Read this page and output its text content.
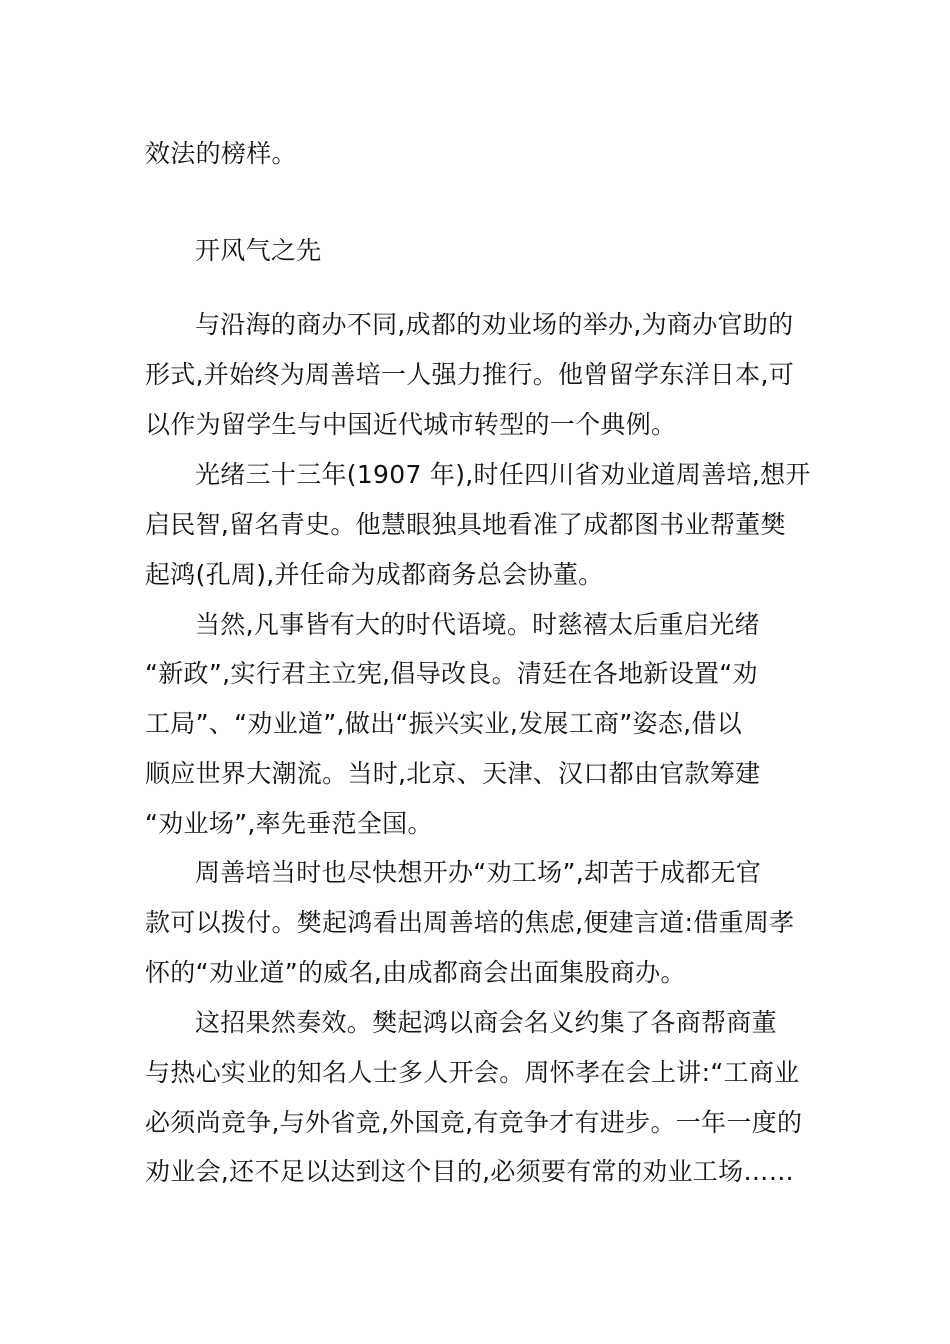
效法的榜样。
开风气之先
与沿海的商办不同,成都的劝业场的举办,为商办官助的
形式,并始终为周善培一人强力推行。他曾留学东洋日本,可
以作为留学生与中国近代城市转型的一个典例。
光绪三十三年(1907 年),时任四川省劝业道周善培,想开
启民智,留名青史。他慧眼独具地看准了成都图书业帮董樊
起鸿(孔周),并任命为成都商务总会协董。
当然,凡事皆有大的时代语境。时慈禧太后重启光绪
“新政”,实行君主立宪,倡导改良。清廷在各地新设置“劝
工局”、“劝业道”,做出“振兴实业,发展工商”姿态,借以
顺应世界大潮流。当时,北京、天津、汉口都由官款筹建
“劝业场”,率先垂范全国。
周善培当时也尽快想开办“劝工场”,却苦于成都无官
款可以拨付。樊起鸿看出周善培的焦虑,便建言道:借重周孝
怀的“劝业道”的威名,由成都商会出面集股商办。
这招果然奏效。樊起鸿以商会名义约集了各商帮商董
与热心实业的知名人士多人开会。周怀孝在会上讲:“工商业
必须尚竞争,与外省竞,外国竞,有竞争才有进步。一年一度的
劝业会,还不足以达到这个目的,必须要有常的劝业工场……
